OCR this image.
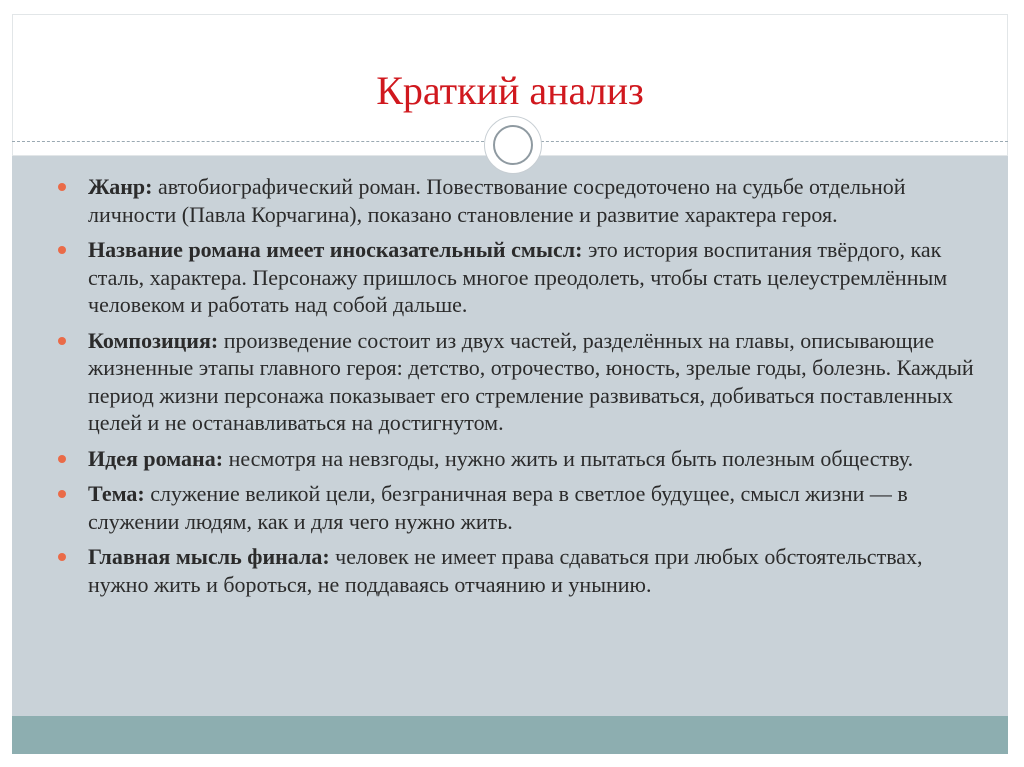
Краткий анализ
Жанр: автобиографический роман. Повествование сосредоточено на судьбе отдельной личности (Павла Корчагина), показано становление и развитие характера героя.
Название романа имеет иносказательный смысл: это история воспитания твёрдого, как сталь, характера. Персонажу пришлось многое преодолеть, чтобы стать целеустремлённым человеком и работать над собой дальше.
Композиция: произведение состоит из двух частей, разделённых на главы, описывающие жизненные этапы главного героя: детство, отрочество, юность, зрелые годы, болезнь. Каждый период жизни персонажа показывает его стремление развиваться, добиваться поставленных целей и не останавливаться на достигнутом.
Идея романа: несмотря на невзгоды, нужно жить и пытаться быть полезным обществу.
Тема: служение великой цели, безграничная вера в светлое будущее, смысл жизни — в служении людям, как и для чего нужно жить.
Главная мысль финала: человек не имеет права сдаваться при любых обстоятельствах, нужно жить и бороться, не поддаваясь отчаянию и унынию.
